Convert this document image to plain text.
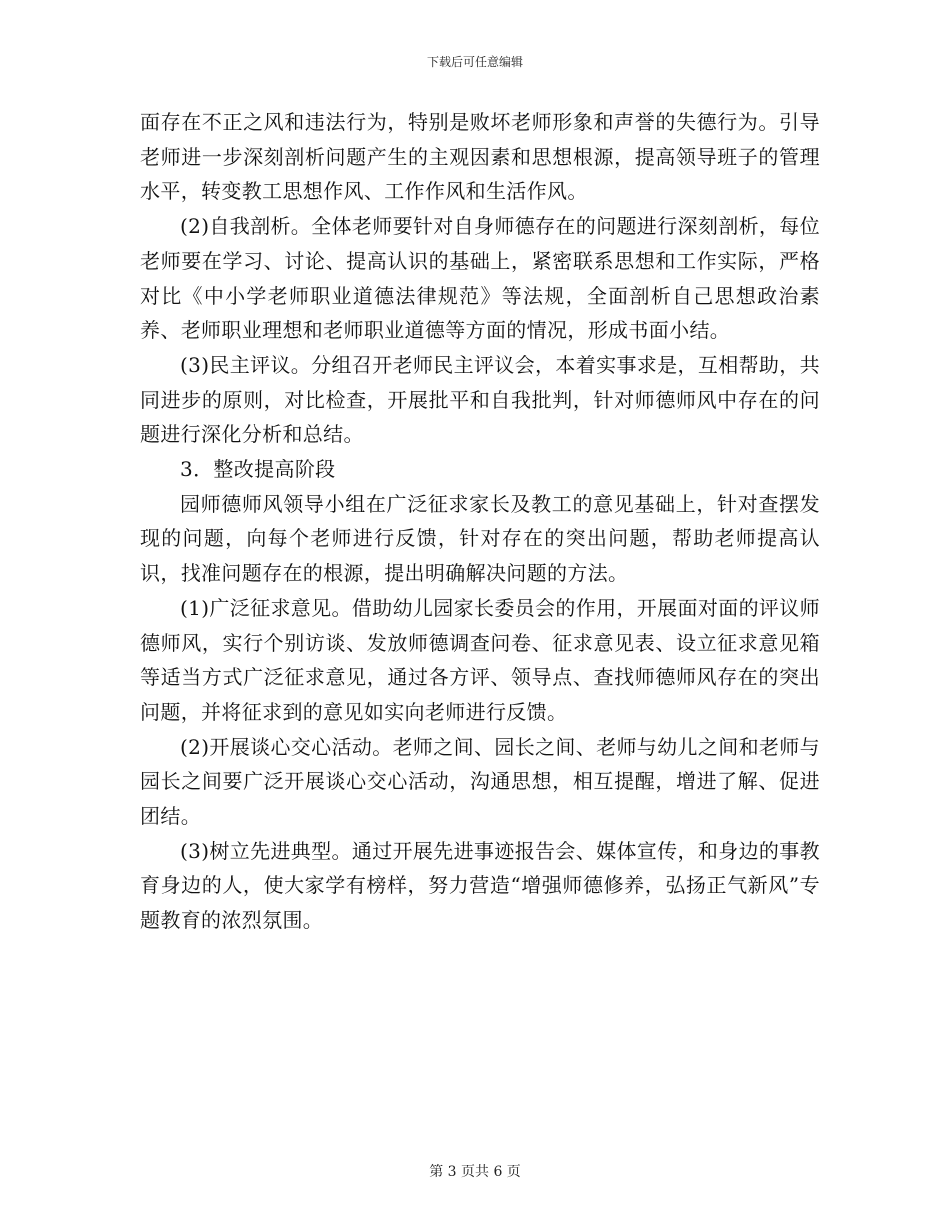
下载后可任意编辑

面存在不正之风和违法行为，特别是败坏老师形象和声誉的失德行为。引导老师进一步深刻剖析问题产生的主观因素和思想根源，提高领导班子的管理水平，转变教工思想作风、工作作风和生活作风。

(2)自我剖析。全体老师要针对自身师德存在的问题进行深刻剖析，每位老师要在学习、讨论、提高认识的基础上，紧密联系思想和工作实际，严格对比《中小学老师职业道德法律规范》等法规，全面剖析自己思想政治素养、老师职业理想和老师职业道德等方面的情况，形成书面小结。

(3)民主评议。分组召开老师民主评议会，本着实事求是，互相帮助，共同进步的原则，对比检查，开展批平和自我批判，针对师德师风中存在的问题进行深化分析和总结。

3．整改提高阶段

园师德师风领导小组在广泛征求家长及教工的意见基础上，针对查摆发现的问题，向每个老师进行反馈，针对存在的突出问题，帮助老师提高认识，找准问题存在的根源，提出明确解决问题的方法。

(1)广泛征求意见。借助幼儿园家长委员会的作用，开展面对面的评议师德师风，实行个别访谈、发放师德调查问卷、征求意见表、设立征求意见箱等适当方式广泛征求意见，通过各方评、领导点、查找师德师风存在的突出问题，并将征求到的意见如实向老师进行反馈。

(2)开展谈心交心活动。老师之间、园长之间、老师与幼儿之间和老师与园长之间要广泛开展谈心交心活动，沟通思想，相互提醒，增进了解、促进团结。

(3)树立先进典型。通过开展先进事迹报告会、媒体宣传，和身边的事教育身边的人，使大家学有榜样，努力营造“增强师德修养，弘扬正气新风”专题教育的浓烈氛围。

第 3 页共 6 页
